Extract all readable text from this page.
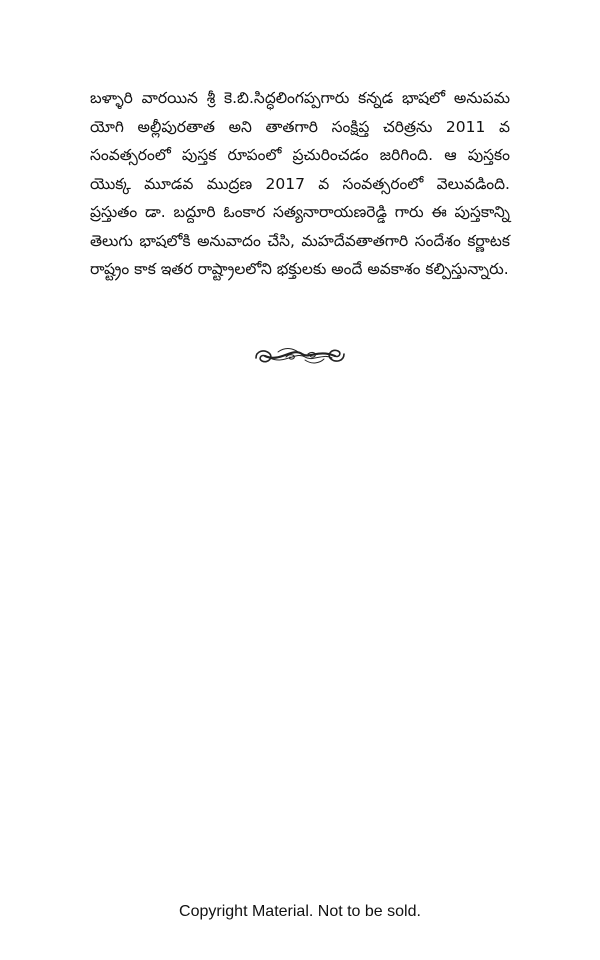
బళ్ళారి వారయిన శ్రీ కె.బి.సిద్ధలింగప్పగారు కన్నడ భాషలో అనుపమ యోగి అల్లీపురతాత అని తాతగారి సంక్షిప్త చరిత్రను 2011 వ సంవత్సరంలో పుస్తక రూపంలో ప్రచురించడం జరిగింది. ఆ పుస్తకం యొక్క మూడవ ముద్రణ 2017 వ సంవత్సరంలో వెలువడింది. ప్రస్తుతం డా. బద్దూరి ఓంకార సత్యనారాయణరెడ్డి గారు ఈ పుస్తకాన్ని తెలుగు భాషలోకి అనువాదం చేసి, మహదేవతాతగారి సందేశం కర్ణాటక రాష్ట్రం కాక ఇతర రాష్ట్రాలలోని భక్తులకు అందే అవకాశం కల్పిస్తున్నారు.

Copyright Material. Not to be sold.
